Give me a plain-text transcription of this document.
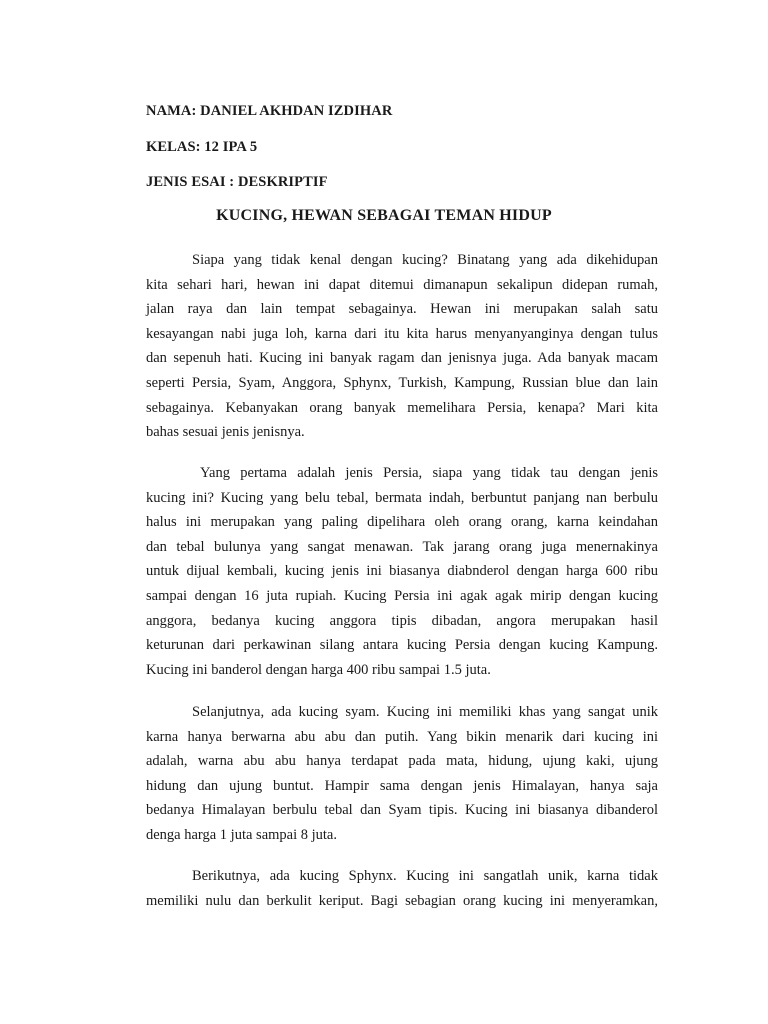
NAMA: DANIEL AKHDAN IZDIHAR
KELAS: 12 IPA 5
JENIS ESAI : DESKRIPTIF
KUCING, HEWAN SEBAGAI TEMAN HIDUP
Siapa yang tidak kenal dengan kucing? Binatang yang ada dikehidupan
kita sehari hari, hewan ini dapat ditemui dimanapun sekalipun didepan rumah,
jalan raya dan lain tempat sebagainya. Hewan ini merupakan salah satu
kesayangan nabi juga loh, karna dari itu kita harus menyanyanginya dengan tulus
dan sepenuh hati. Kucing ini banyak ragam dan jenisnya juga. Ada banyak macam
seperti Persia, Syam, Anggora, Sphynx, Turkish, Kampung, Russian blue dan lain
sebagainya. Kebanyakan orang banyak memelihara Persia, kenapa? Mari kita
bahas sesuai jenis jenisnya.
Yang pertama adalah jenis Persia, siapa yang tidak tau dengan jenis
kucing ini? Kucing yang belu tebal, bermata indah, berbuntut panjang nan berbulu
halus ini merupakan yang paling dipelihara oleh orang orang, karna keindahan
dan tebal bulunya yang sangat menawan. Tak jarang orang juga menernakinya
untuk dijual kembali, kucing jenis ini biasanya diabnderol dengan harga 600 ribu
sampai dengan 16 juta rupiah. Kucing Persia ini agak agak mirip dengan kucing
anggora, bedanya kucing anggora tipis dibadan, angora merupakan hasil
keturunan dari perkawinan silang antara kucing Persia dengan kucing Kampung.
Kucing ini banderol dengan harga 400 ribu sampai 1.5 juta.
Selanjutnya, ada kucing syam. Kucing ini memiliki khas yang sangat unik
karna hanya berwarna abu abu dan putih. Yang bikin menarik dari kucing ini
adalah, warna abu abu hanya terdapat pada mata, hidung, ujung kaki, ujung
hidung dan ujung buntut. Hampir sama dengan jenis Himalayan, hanya saja
bedanya Himalayan berbulu tebal dan Syam tipis. Kucing ini biasanya dibanderol
denga harga 1 juta sampai 8 juta.
Berikutnya, ada kucing Sphynx. Kucing ini sangatlah unik, karna tidak
memiliki nulu dan berkulit keriput. Bagi sebagian orang kucing ini menyeramkan,
